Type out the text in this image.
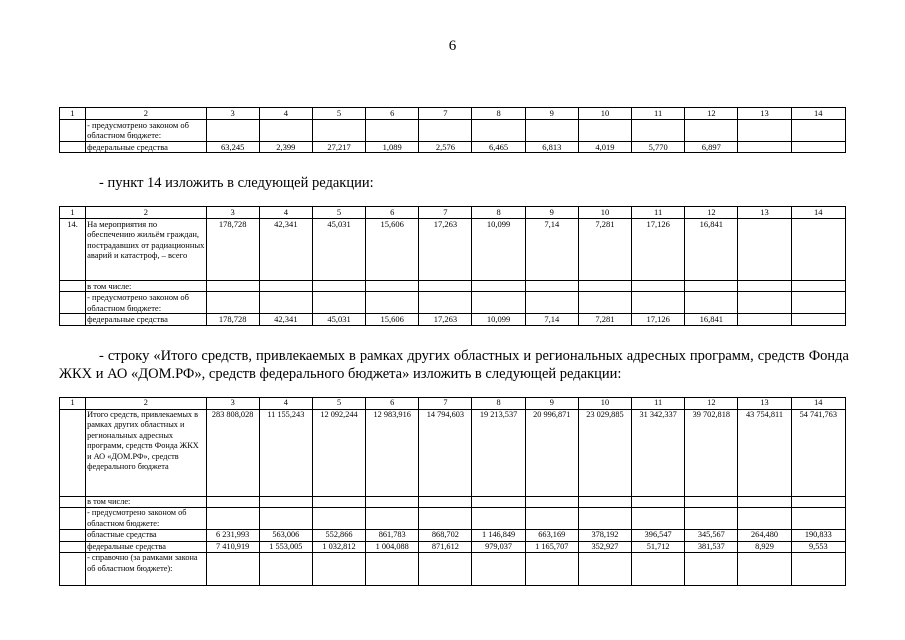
6
1	2	3	4	5	6	7	8	9	10	11	12	13	14
	- предусмотрено законом об областном бюджете:												
	федеральные средства	63,245	2,399	27,217	1,089	2,576	6,465	6,813	4,019	5,770	6,897		
- пункт 14 изложить в следующей редакции:
1	2	3	4	5	6	7	8	9	10	11	12	13	14
14.	На мероприятия по обеспечению жильём граждан, пострадавших от радиационных аварий и катастроф, – всего	178,728	42,341	45,031	15,606	17,263	10,099	7,14	7,281	17,126	16,841		
	в том числе:												
	- предусмотрено законом об областном бюджете:												
	федеральные средства	178,728	42,341	45,031	15,606	17,263	10,099	7,14	7,281	17,126	16,841		
- строку «Итого средств, привлекаемых в рамках других областных и региональных адресных программ, средств Фонда ЖКХ и АО «ДОМ.РФ», средств федерального бюджета» изложить в следующей редакции:
1	2	3	4	5	6	7	8	9	10	11	12	13	14
	Итого средств, привлекаемых в рамках других областных и региональных адресных программ, средств Фонда ЖКХ и АО «ДОМ.РФ», средств федерального бюджета	283 808,028	11 155,243	12 092,244	12 983,916	14 794,603	19 213,537	20 996,871	23 029,885	31 342,337	39 702,818	43 754,811	54 741,763
	в том числе:												
	- предусмотрено законом об областном бюджете:												
	областные средства	6 231,993	563,006	552,866	861,783	868,702	1 146,849	663,169	378,192	396,547	345,567	264,480	190,833
	федеральные средства	7 410,919	1 553,005	1 032,812	1 004,088	871,612	979,037	1 165,707	352,927	51,712	381,537	8,929	9,553
	- справочно (за рамками закона об областном бюджете):												
